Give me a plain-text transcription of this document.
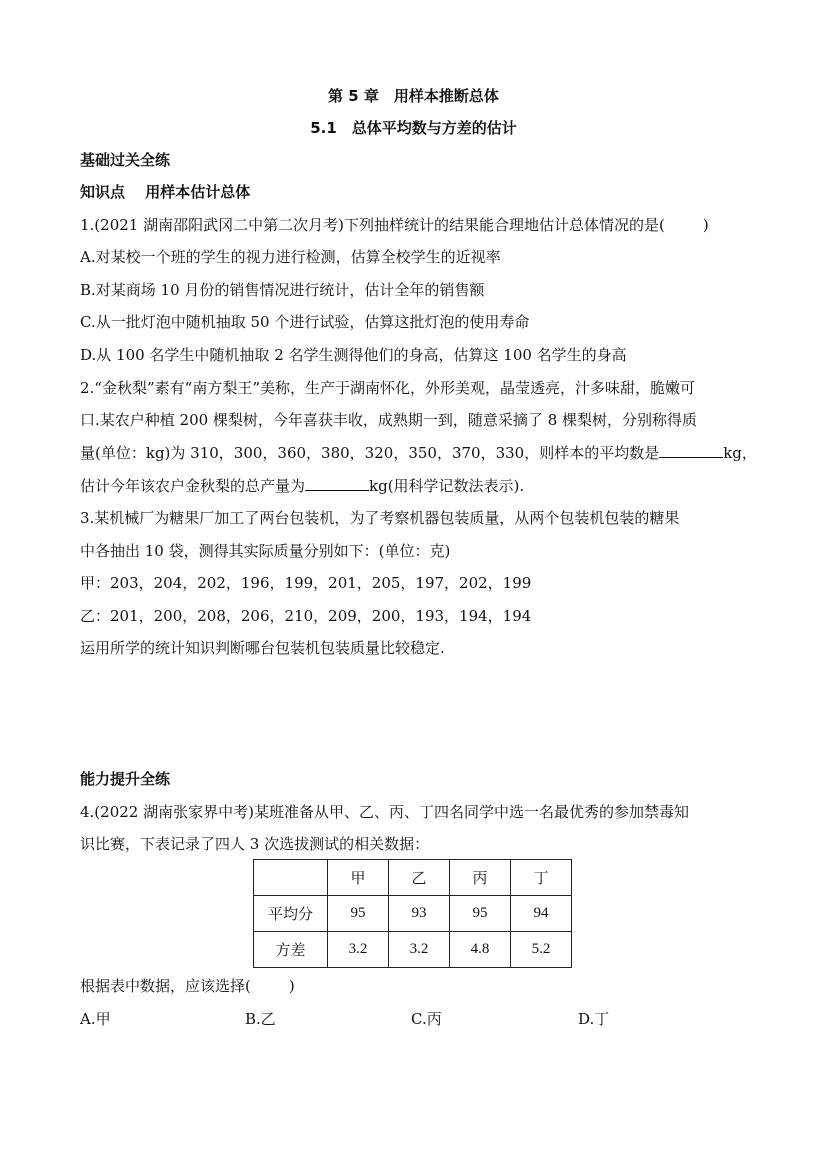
第 5 章　用样本推断总体
5.1　总体平均数与方差的估计
基础过关全练
知识点　 用样本估计总体
1.(2021 湖南邵阳武冈二中第二次月考)下列抽样统计的结果能合理地估计总体情况的是(	)
A.对某校一个班的学生的视力进行检测，估算全校学生的近视率
B.对某商场 10 月份的销售情况进行统计，估计全年的销售额
C.从一批灯泡中随机抽取 50 个进行试验，估算这批灯泡的使用寿命
D.从 100 名学生中随机抽取 2 名学生测得他们的身高，估算这 100 名学生的身高
2.“金秋梨”素有“南方梨王”美称，生产于湖南怀化，外形美观，晶莹透亮，汁多味甜，脆嫩可
口.某农户种植 200 棵梨树，今年喜获丰收，成熟期一到，随意采摘了 8 棵梨树，分别称得质
量(单位：kg)为 310，300，360，380，320，350，370，330，则样本的平均数是	kg，
估计今年该农户金秋梨的总产量为	kg(用科学记数法表示).
3.某机械厂为糖果厂加工了两台包装机，为了考察机器包装质量，从两个包装机包装的糖果
中各抽出 10 袋，测得其实际质量分别如下：(单位：克)
甲：203，204，202，196，199，201，205，197，202，199
乙：201，200，208，206，210，209，200，193，194，194
运用所学的统计知识判断哪台包装机包装质量比较稳定.
能力提升全练
4.(2022 湖南张家界中考)某班准备从甲、乙、丙、丁四名同学中选一名最优秀的参加禁毒知
识比赛，下表记录了四人 3 次选拔测试的相关数据：
	甲	乙	丙	丁
平均分	95	93	95	94
方差	3.2	3.2	4.8	5.2
根据表中数据，应该选择(	)
A.甲	B.乙	C.丙	D.丁
